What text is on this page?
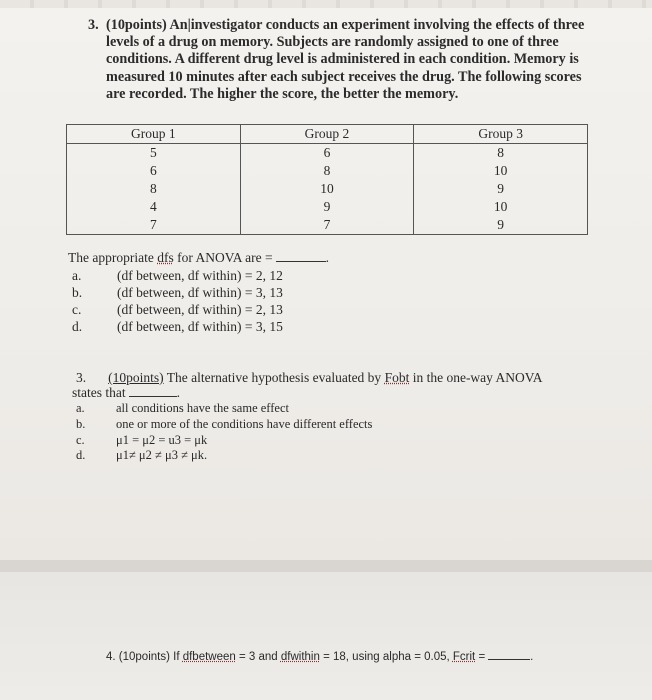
3. (10points) An|investigator conducts an experiment involving the effects of three
levels of a drug on memory. Subjects are randomly assigned to one of three
conditions. A different drug level is administered in each condition. Memory is
measured 10 minutes after each subject receives the drug. The following scores
are recorded. The higher the score, the better the memory.
Group 1	Group 2	Group 3
5	6	8
6	8	10
8	10	9
4	9	10
7	7	9
The appropriate dfs for ANOVA are =	.
a.	(df between, df within) = 2, 12
b.	(df between, df within) = 3, 13
c.	(df between, df within) = 2, 13
d.	(df between, df within) = 3, 15
3. (10points) The alternative hypothesis evaluated by Fobt in the one-way ANOVA
states that	.
a.	all conditions have the same effect
b. one or more of the conditions have different effects
c.	μ1 = μ2 = u3 = μk
d. μ1≠ μ2 ≠ μ3 ≠ μk.
4. (10points) If dfbetween = 3 and dfwithin = 18, using alpha = 0.05, Fcrit =	.
